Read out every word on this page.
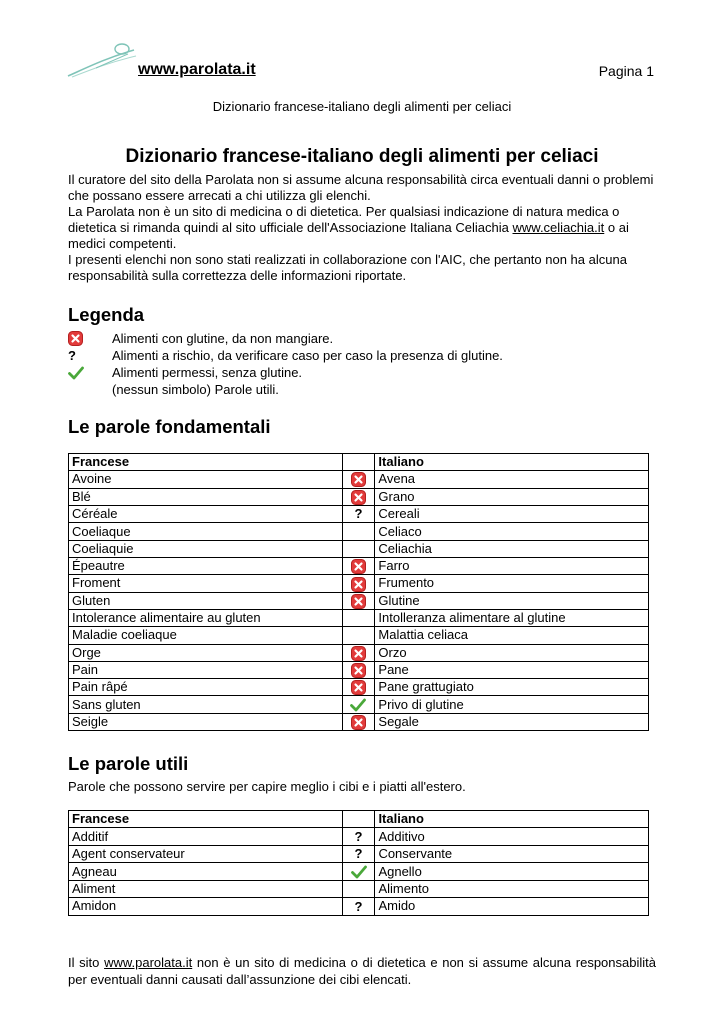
www.parolata.it	Pagina 1
Dizionario francese-italiano degli alimenti per celiaci
Dizionario francese-italiano degli alimenti per celiaci

Il curatore del sito della Parolata non si assume alcuna responsabilità circa eventuali danni o problemi che possano essere arrecati a chi utilizza gli elenchi.

La Parolata non è un sito di medicina o di dietetica. Per qualsiasi indicazione di natura medica o dietetica si rimanda quindi al sito ufficiale dell'Associazione Italiana Celiachia www.celiachia.it o ai medici competenti.

I presenti elenchi non sono stati realizzati in collaborazione con l'AIC, che pertanto non ha alcuna responsabilità sulla correttezza delle informazioni riportate.

Legenda
Alimenti con glutine, da non mangiare.
?	Alimenti a rischio, da verificare caso per caso la presenza di glutine.
Alimenti permessi, senza glutine.
(nessun simbolo) Parole utili.
Le parole fondamentali
Francese		Italiano
Avoine		Avena
Blé		Grano
Céréale	?	Cereali
Coeliaque		Celiaco
Coeliaquie		Celiachia
Épeautre		Farro
Froment		Frumento
Gluten		Glutine
Intolerance alimentaire au gluten		Intolleranza alimentare al glutine
Maladie coeliaque		Malattia celiaca
Orge		Orzo
Pain		Pane
Pain râpé		Pane grattugiato
Sans gluten		Privo di glutine
Seigle		Segale
Le parole utili

Parole che possono servire per capire meglio i cibi e i piatti all'estero.

Francese		Italiano
Additif	?	Additivo
Agent conservateur	?	Conservante
Agneau		Agnello
Aliment		Alimento
Amidon	?	Amido

Il sito www.parolata.it non è un sito di medicina o di dietetica e non si assume alcuna responsabilità per eventuali danni causati dall’assunzione dei cibi elencati.
